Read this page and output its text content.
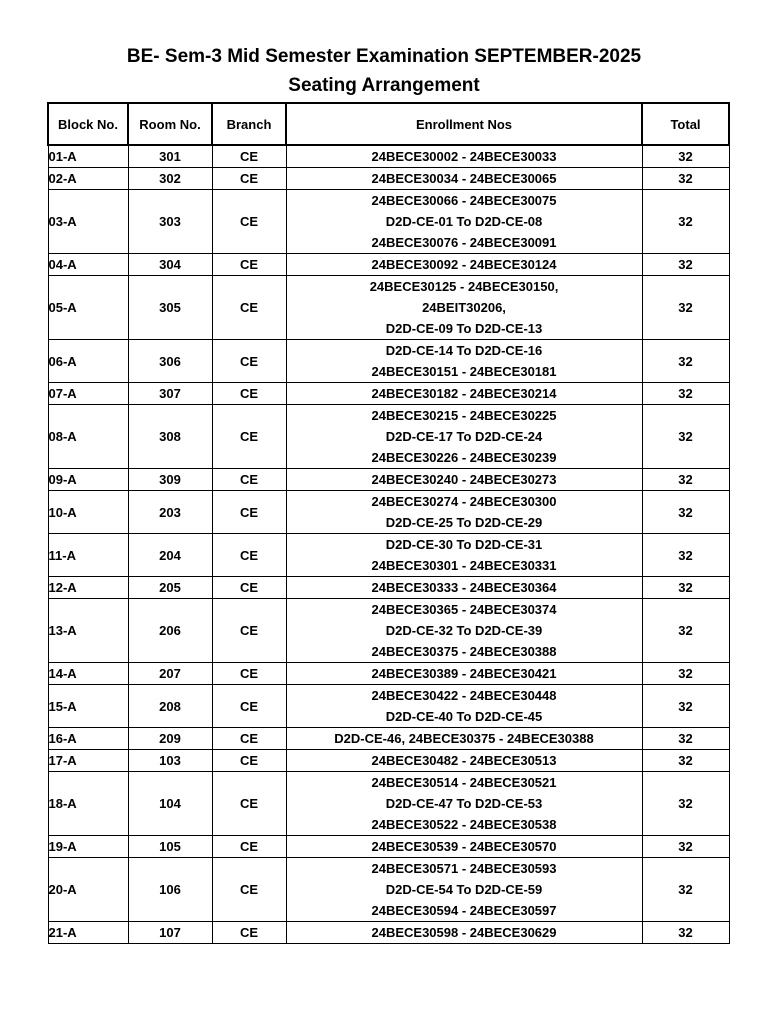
BE- Sem-3 Mid Semester Examination SEPTEMBER-2025
Seating Arrangement
Block No.	Room No.	Branch	Enrollment Nos	Total
01-A	301	CE	24BECE30002 - 24BECE30033	32
02-A	302	CE	24BECE30034 - 24BECE30065	32
03-A	303	CE	24BECE30066 - 24BECE30075
D2D-CE-01 To D2D-CE-08
24BECE30076 - 24BECE30091	32
04-A	304	CE	24BECE30092 - 24BECE30124	32
05-A	305	CE	24BECE30125 - 24BECE30150,
24BEIT30206,
D2D-CE-09 To D2D-CE-13	32
06-A	306	CE	D2D-CE-14 To D2D-CE-16
24BECE30151 - 24BECE30181	32
07-A	307	CE	24BECE30182 - 24BECE30214	32
08-A	308	CE	24BECE30215 - 24BECE30225
D2D-CE-17 To D2D-CE-24
24BECE30226 - 24BECE30239	32
09-A	309	CE	24BECE30240 - 24BECE30273	32
10-A	203	CE	24BECE30274 - 24BECE30300
D2D-CE-25 To D2D-CE-29	32
11-A	204	CE	D2D-CE-30 To D2D-CE-31
24BECE30301 - 24BECE30331	32
12-A	205	CE	24BECE30333 - 24BECE30364	32
13-A	206	CE	24BECE30365 - 24BECE30374
D2D-CE-32 To D2D-CE-39
24BECE30375 - 24BECE30388	32
14-A	207	CE	24BECE30389 - 24BECE30421	32
15-A	208	CE	24BECE30422 - 24BECE30448
D2D-CE-40 To D2D-CE-45	32
16-A	209	CE	D2D-CE-46, 24BECE30375 - 24BECE30388	32
17-A	103	CE	24BECE30482 - 24BECE30513	32
18-A	104	CE	24BECE30514 - 24BECE30521
D2D-CE-47 To D2D-CE-53
24BECE30522 - 24BECE30538	32
19-A	105	CE	24BECE30539 - 24BECE30570	32
20-A	106	CE	24BECE30571 - 24BECE30593
D2D-CE-54 To D2D-CE-59
24BECE30594 - 24BECE30597	32
21-A	107	CE	24BECE30598 - 24BECE30629	32
